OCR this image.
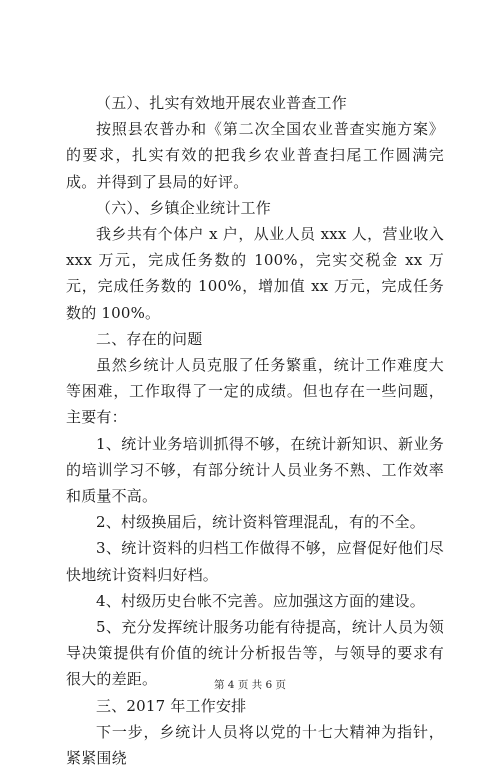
（五）、扎实有效地开展农业普查工作

按照县农普办和《第二次全国农业普查实施方案》的要求，扎实有效的把我乡农业普查扫尾工作圆满完成。并得到了县局的好评。

（六）、乡镇企业统计工作

我乡共有个体户 x 户，从业人员 xxx 人，营业收入 xxx 万元，完成任务数的 100%，完实交税金 xx 万元，完成任务数的 100%，增加值 xx 万元，完成任务数的 100%。

二、存在的问题

虽然乡统计人员克服了任务繁重，统计工作难度大等困难，工作取得了一定的成绩。但也存在一些问题，主要有：

1、统计业务培训抓得不够，在统计新知识、新业务的培训学习不够，有部分统计人员业务不熟、工作效率和质量不高。

2、村级换届后，统计资料管理混乱，有的不全。

3、统计资料的归档工作做得不够，应督促好他们尽快地统计资料归好档。

4、村级历史台帐不完善。应加强这方面的建设。

5、充分发挥统计服务功能有待提高，统计人员为领导决策提供有价值的统计分析报告等，与领导的要求有很大的差距。

三、2017 年工作安排

下一步，乡统计人员将以党的十七大精神为指针，紧紧围绕

第 4 页 共 6 页
